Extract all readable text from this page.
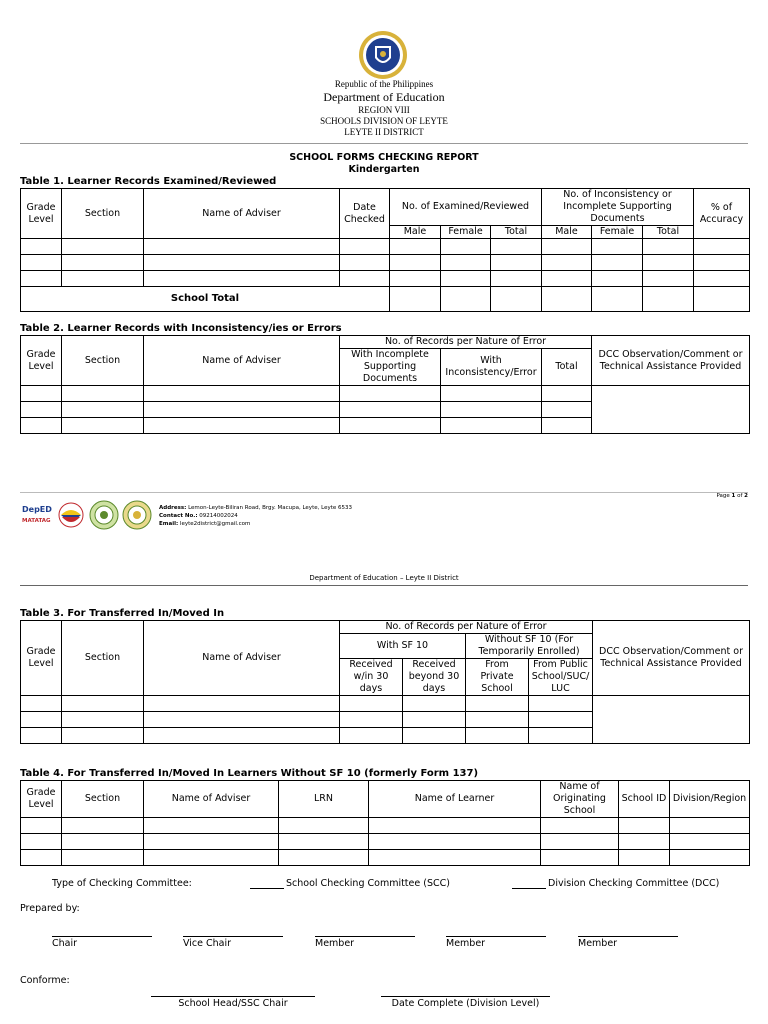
Republic of the Philippines
Department of Education
REGION VIII
SCHOOLS DIVISION OF LEYTE
LEYTE II DISTRICT
SCHOOL FORMS CHECKING REPORT
Kindergarten
Table 1. Learner Records Examined/Reviewed
Grade Level	Section	Name of Adviser	Date Checked	No. of Examined/Reviewed			No. of Inconsistency or Incomplete Supporting Documents			% of Accuracy
				Male	Female	Total	Male	Female	Total	

School Total										
Table 2. Learner Records with Inconsistency/ies or Errors
Grade Level	Section	Name of Adviser	No. of Records per Nature of Error			DCC Observation/Comment or Technical Assistance Provided
			With Incomplete Supporting Documents	With Inconsistency/Error	Total	

DepED
MATATAG
Address: Lemon-Leyte-Biliran Road, Brgy. Macupa, Leyte, Leyte 6533
Contact No.: 09214002024
Email: leyte2district@gmail.com
Page 1 of 2
Department of Education – Leyte II District
Table 3. For Transferred In/Moved In
Grade Level	Section	Name of Adviser	No. of Records per Nature of Error				DCC Observation/Comment or Technical Assistance Provided
			With SF 10		Without SF 10 (For Temporarily Enrolled)		
			Received w/in 30 days	Received beyond 30 days	From Private School	From Public School/SUC/ LUC	

Table 4. For Transferred In/Moved In Learners Without SF 10 (formerly Form 137)
Grade Level	Section	Name of Adviser	LRN	Name of Learner	Name of Originating School	School ID	Division/Region

Type of Checking Committee:	School Checking Committee (SCC)	Division Checking Committee (DCC)
Prepared by:
Chair	Vice Chair	Member	Member	Member
Conforme:
School Head/SSC Chair	Date Complete (Division Level)
